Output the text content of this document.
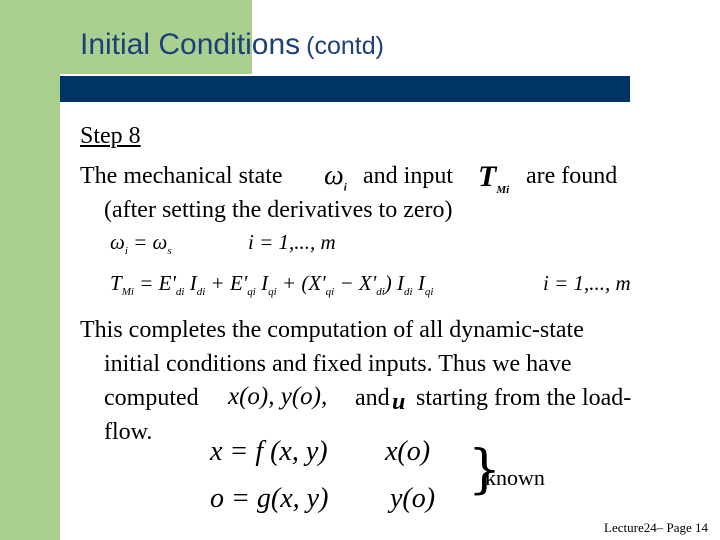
Initial Conditions (contd)
Step 8
The mechanical state $\omega_i$ and input $T_{Mi}$
are found
(after setting the derivatives to zero)
$\omega_i = \omega_s$	i = 1,..., m
$T_{Mi} = E'_{di}$ $I_{di} + E'_{qi}$ $I_{qi} + (X'_{qi} - X'_{di})$ $I_{di}$ $I_{qi}$	i = 1,..., m
This completes the computation of all dynamic-state
initial conditions and fixed inputs. Thus we have
computed x(o), y(o), and u starting from the load-
flow.
x = f (x, y)
o = g(x, y)
x(o)
y(o) }
known
Lecture24– Page 14
